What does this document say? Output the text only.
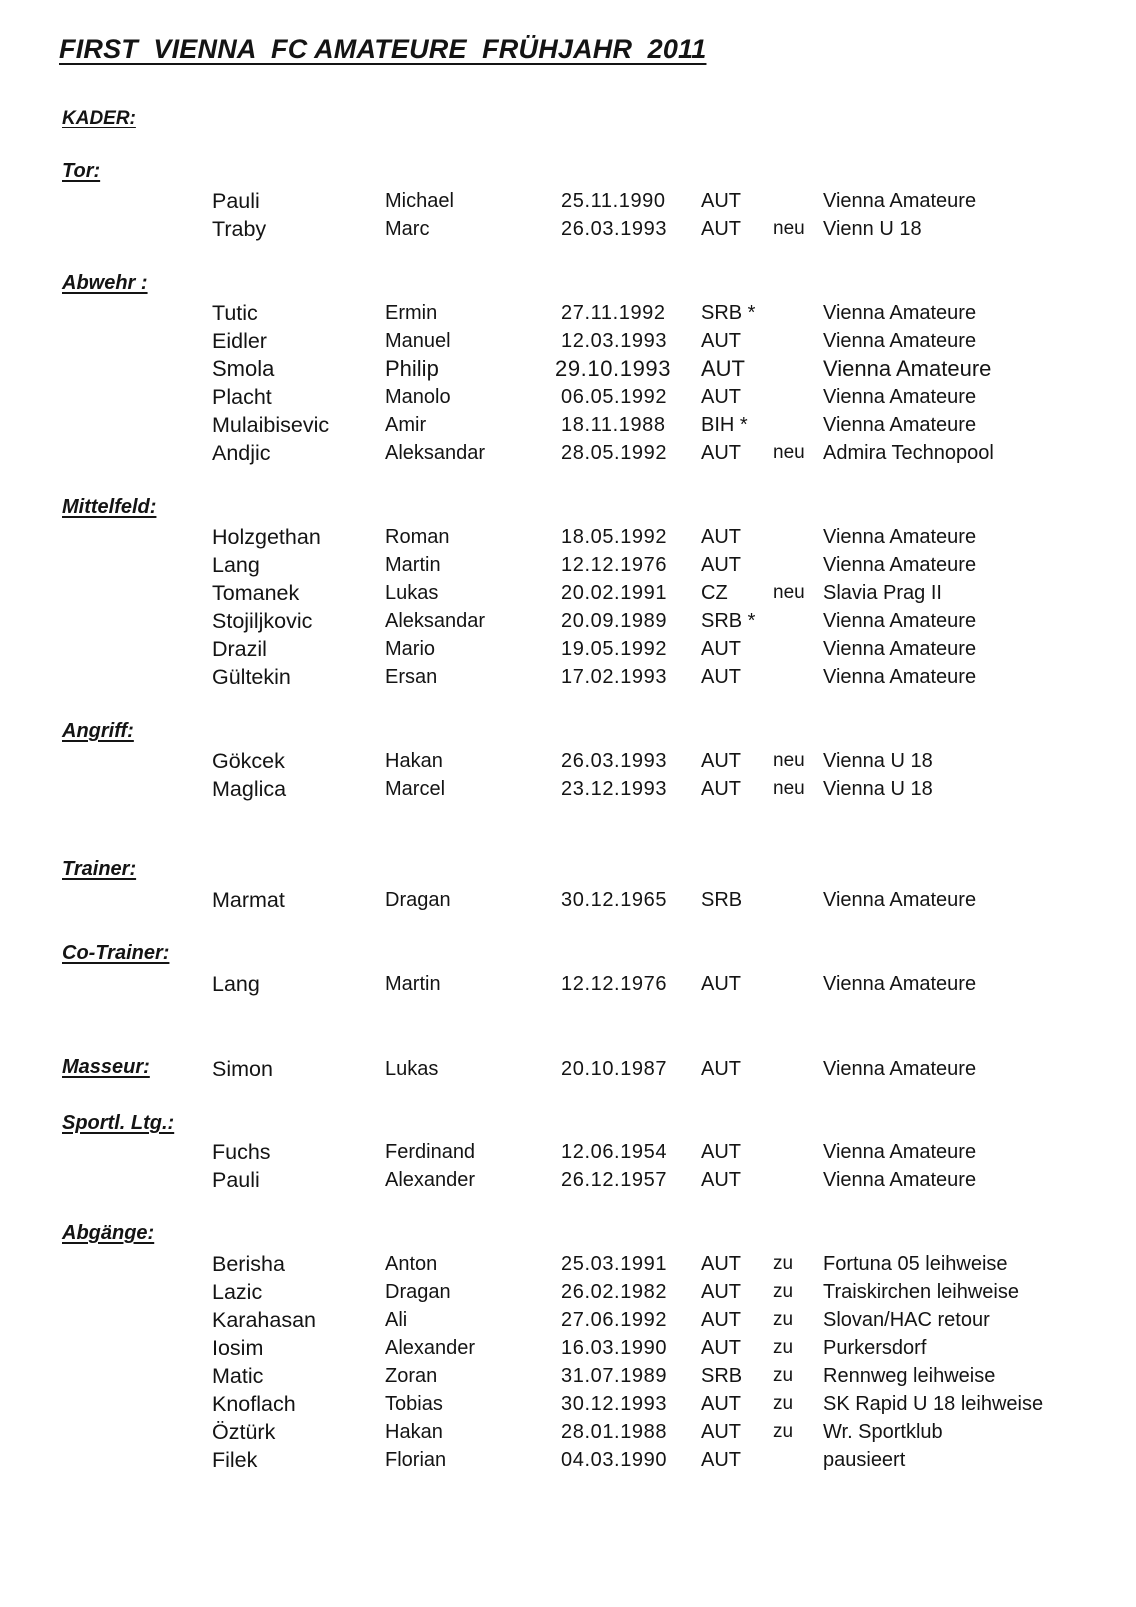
FIRST  VIENNA  FC AMATEURE  FRÜHJAHR  2011
KADER:
Tor:
Pauli	Michael	25.11.1990 AUT	Vienna Amateure
Traby	Marc	26.03.1993 AUT neu Vienn U 18
Abwehr :
Tutic	Ermin	27.11.1992 SRB *	Vienna Amateure
Eidler	Manuel	12.03.1993 AUT	Vienna Amateure
Smola	Philip	29.10.1993 AUT	Vienna Amateure
Placht	Manolo	06.05.1992 AUT	Vienna Amateure
Mulaibisevic	Amir	18.11.1988 BIH *	Vienna Amateure
Andjic	Aleksandar	28.05.1992 AUT neu Admira Technopool
Mittelfeld:
Holzgethan	Roman	18.05.1992 AUT	Vienna Amateure
Lang	Martin	12.12.1976 AUT	Vienna Amateure
Tomanek	Lukas	20.02.1991 CZ neu Slavia Prag II
Stojiljkovic	Aleksandar	20.09.1989 SRB *	Vienna Amateure
Drazil	Mario	19.05.1992 AUT	Vienna Amateure
Gültekin	Ersan	17.02.1993 AUT	Vienna Amateure
Angriff:
Gökcek	Hakan	26.03.1993 AUT neu Vienna U 18
Maglica	Marcel	23.12.1993 AUT neu Vienna U 18
Trainer:
Marmat	Dragan	30.12.1965 SRB	Vienna Amateure
Co-Trainer:
Lang	Martin	12.12.1976 AUT	Vienna Amateure
Masseur:	Simon	Lukas	20.10.1987 AUT	Vienna Amateure
Sportl. Ltg.:
Fuchs	Ferdinand	12.06.1954 AUT	Vienna Amateure
Pauli	Alexander	26.12.1957 AUT	Vienna Amateure
Abgänge:
Berisha	Anton	25.03.1991 AUT zu Fortuna 05 leihweise
Lazic	Dragan	26.02.1982 AUT zu Traiskirchen leihweise
Karahasan	Ali	27.06.1992 AUT zu Slovan/HAC retour
Iosim	Alexander	16.03.1990 AUT zu Purkersdorf
Matic	Zoran	31.07.1989 SRB zu Rennweg leihweise
Knoflach	Tobias	30.12.1993 AUT zu SK Rapid U 18 leihweise
Öztürk	Hakan	28.01.1988 AUT zu Wr. Sportklub
Filek	Florian	04.03.1990 AUT	pausieert
